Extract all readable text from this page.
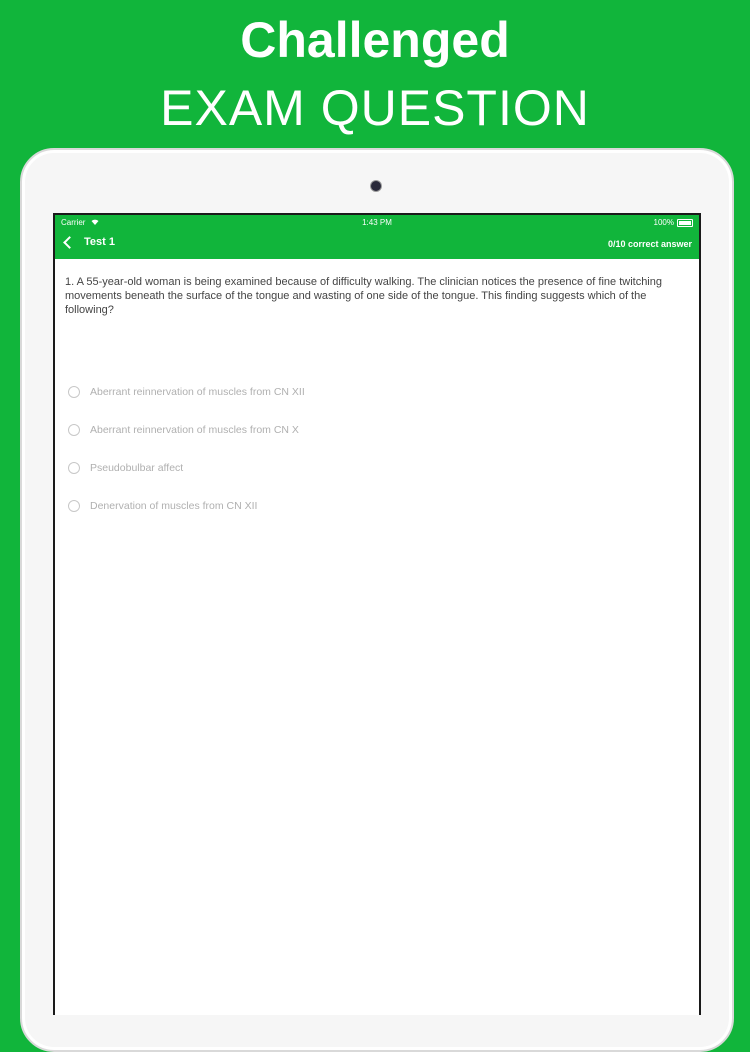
Challenged
EXAM QUESTION
Carrier	1:43 PM	100%
Test 1	0/10 correct answer
1. A 55-year-old woman is being examined because of difficulty walking. The clinician notices the presence of fine twitching movements beneath the surface of the tongue and wasting of one side of the tongue. This finding suggests which of the following?
Aberrant reinnervation of muscles from CN XII
Aberrant reinnervation of muscles from CN X
Pseudobulbar affect
Denervation of muscles from CN XII
